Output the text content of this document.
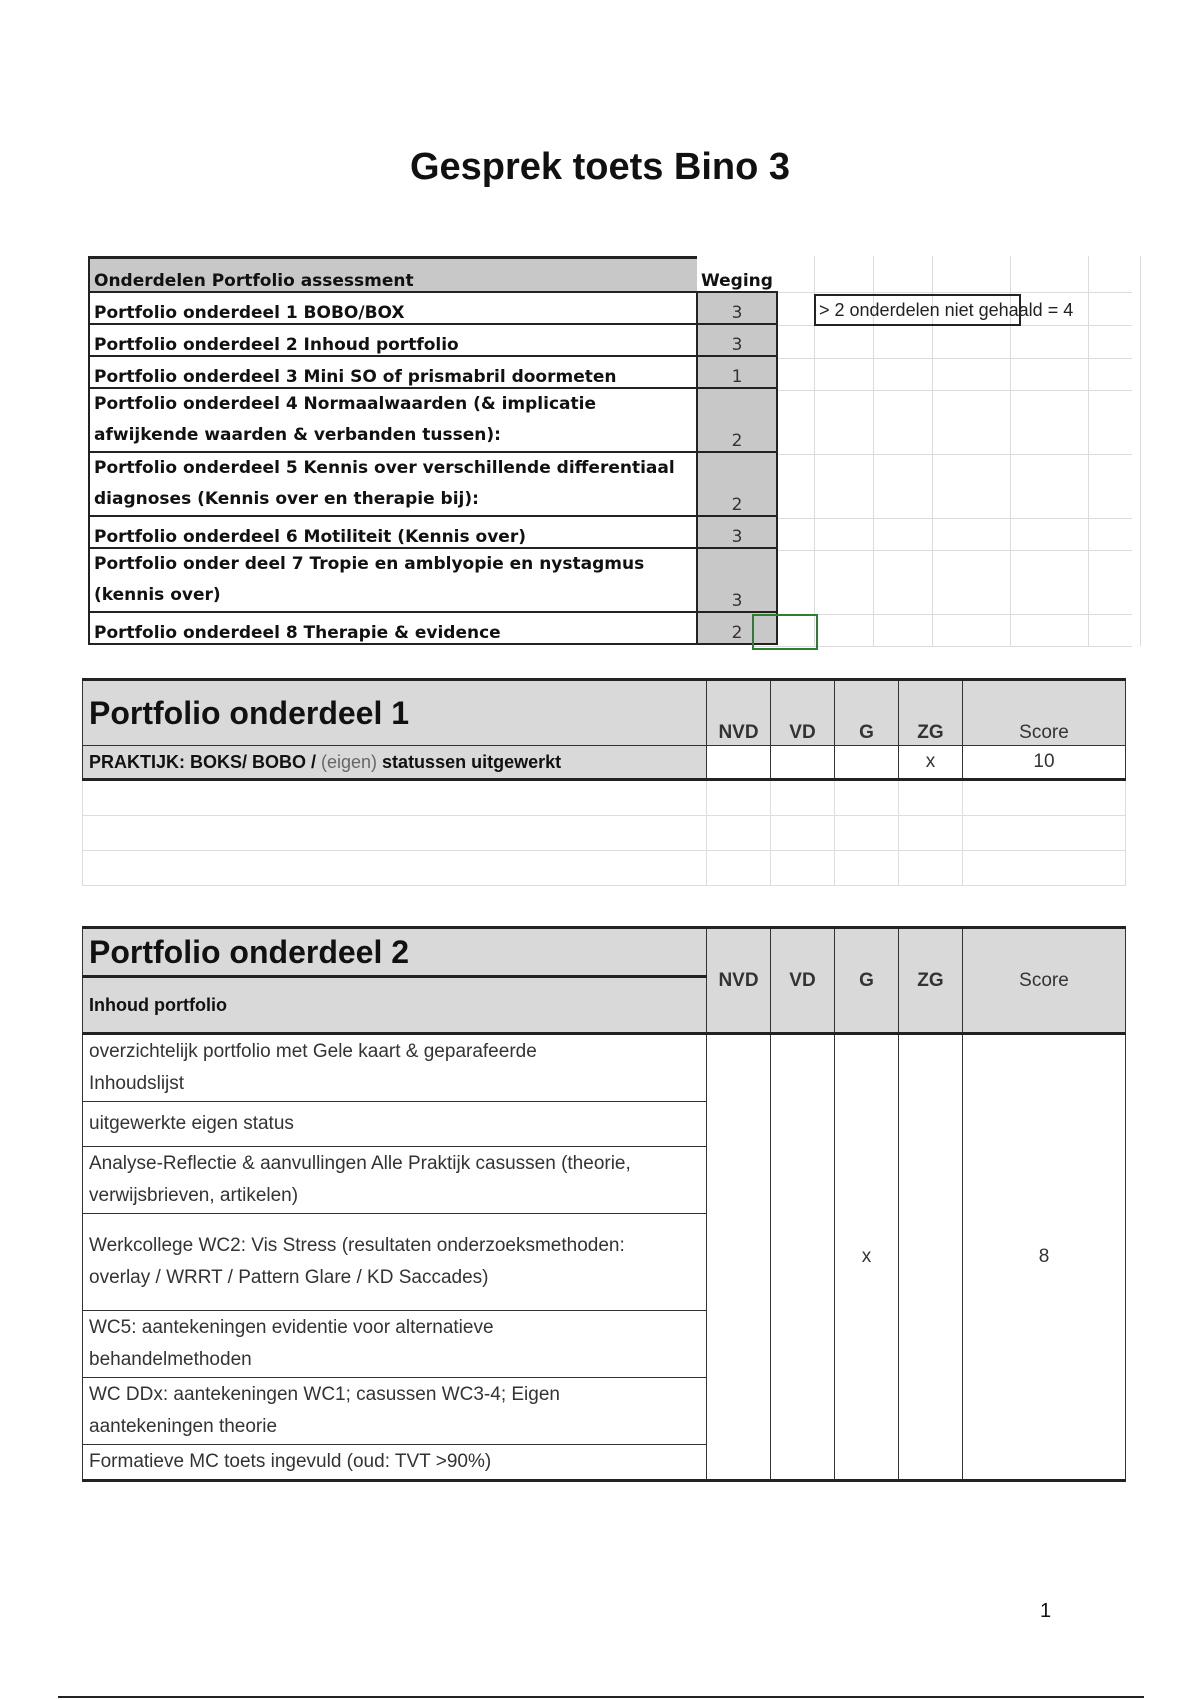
Gesprek toets Bino 3
Onderdelen Portfolio assessment	Weging
Portfolio onderdeel 1 BOBO/BOX	3
Portfolio onderdeel 2 Inhoud portfolio	3
Portfolio onderdeel 3 Mini SO of prismabril doormeten	1
Portfolio onderdeel 4 Normaalwaarden (& implicatie
afwijkende waarden & verbanden tussen):	2
Portfolio onderdeel 5 Kennis over verschillende differentiaal
diagnoses (Kennis over en therapie bij):	2
Portfolio onderdeel 6 Motiliteit (Kennis over)	3
Portfolio onder deel 7 Tropie en amblyopie en nystagmus
(kennis over)	3
Portfolio onderdeel 8 Therapie & evidence	2
> 2 onderdelen niet gehaald = 4
Portfolio onderdeel 1	NVD	VD	G	ZG	Score
PRAKTIJK: BOKS/ BOBO / (eigen) statussen uitgewerkt				x	10

Portfolio onderdeel 2	NVD	VD	G	ZG	Score
Inhoud portfolio					
overzichtelijk portfolio met Gele kaart & geparafeerde
Inhoudslijst			x		8
uitgewerkte eigen status					
Analyse-Reflectie & aanvullingen Alle Praktijk casussen (theorie,
verwijsbrieven, artikelen)					
Werkcollege WC2: Vis Stress (resultaten onderzoeksmethoden:
overlay / WRRT / Pattern Glare / KD Saccades)					
WC5: aantekeningen evidentie voor alternatieve
behandelmethoden					
WC DDx: aantekeningen WC1; casussen WC3-4; Eigen
aantekeningen theorie					
Formatieve MC toets ingevuld (oud: TVT >90%)					
1
